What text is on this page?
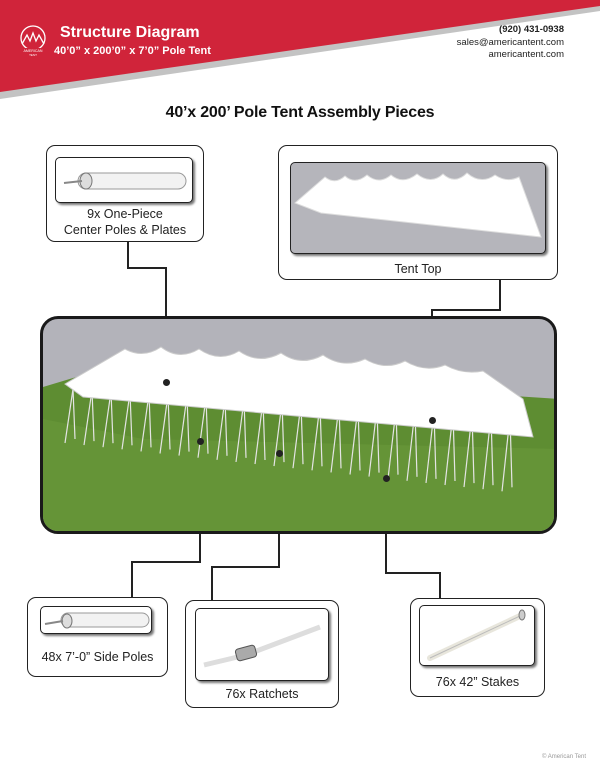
AMERICAN
TENT
Structure Diagram
40’0” x 200’0” x 7’0” Pole Tent
(920) 431-0938
sales@americantent.com
americantent.com
40’x 200’ Pole Tent Assembly Pieces
9x One-Piece
Center Poles & Plates
Tent Top
48x 7’-0” Side Poles
76x Ratchets
76x 42” Stakes
© American Tent
